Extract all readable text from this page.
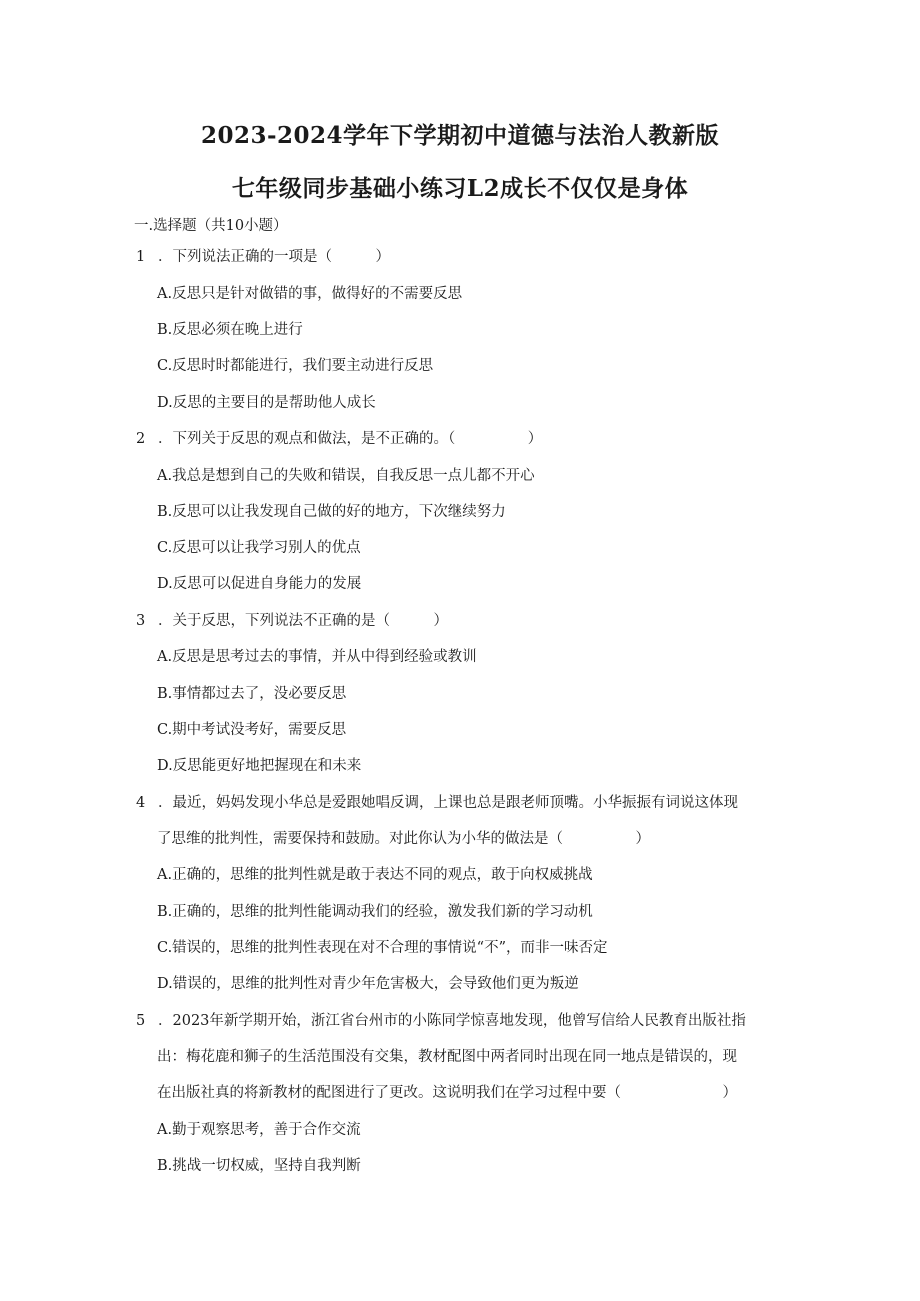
2023-2024学年下学期初中道德与法治人教新版
七年级同步基础小练习L2成长不仅仅是身体
一.选择题（共10小题）
1 ．下列说法正确的一项是（　　　）
A.反思只是针对做错的事，做得好的不需要反思
B.反思必须在晚上进行
C.反思时时都能进行，我们要主动进行反思
D.反思的主要目的是帮助他人成长
2 ．下列关于反思的观点和做法，是不正确的。（　　　　　）
A.我总是想到自己的失败和错误，自我反思一点儿都不开心
B.反思可以让我发现自己做的好的地方，下次继续努力
C.反思可以让我学习别人的优点
D.反思可以促进自身能力的发展
3 ．关于反思，下列说法不正确的是（　　　）
A.反思是思考过去的事情，并从中得到经验或教训
B.事情都过去了，没必要反思
C.期中考试没考好，需要反思
D.反思能更好地把握现在和未来
4 ．最近，妈妈发现小华总是爱跟她唱反调，上课也总是跟老师顶嘴。小华振振有词说这体现
了思维的批判性，需要保持和鼓励。对此你认为小华的做法是（　　　　　）
A.正确的，思维的批判性就是敢于表达不同的观点，敢于向权威挑战
B.正确的，思维的批判性能调动我们的经验，激发我们新的学习动机
C.错误的，思维的批判性表现在对不合理的事情说“不”，而非一味否定
D.错误的，思维的批判性对青少年危害极大，会导致他们更为叛逆
5 ．2023年新学期开始，浙江省台州市的小陈同学惊喜地发现，他曾写信给人民教育出版社指
出：梅花鹿和狮子的生活范围没有交集，教材配图中两者同时出现在同一地点是错误的，现
在出版社真的将新教材的配图进行了更改。这说明我们在学习过程中要（　　　　　　　）
A.勤于观察思考，善于合作交流
B.挑战一切权威，坚持自我判断
